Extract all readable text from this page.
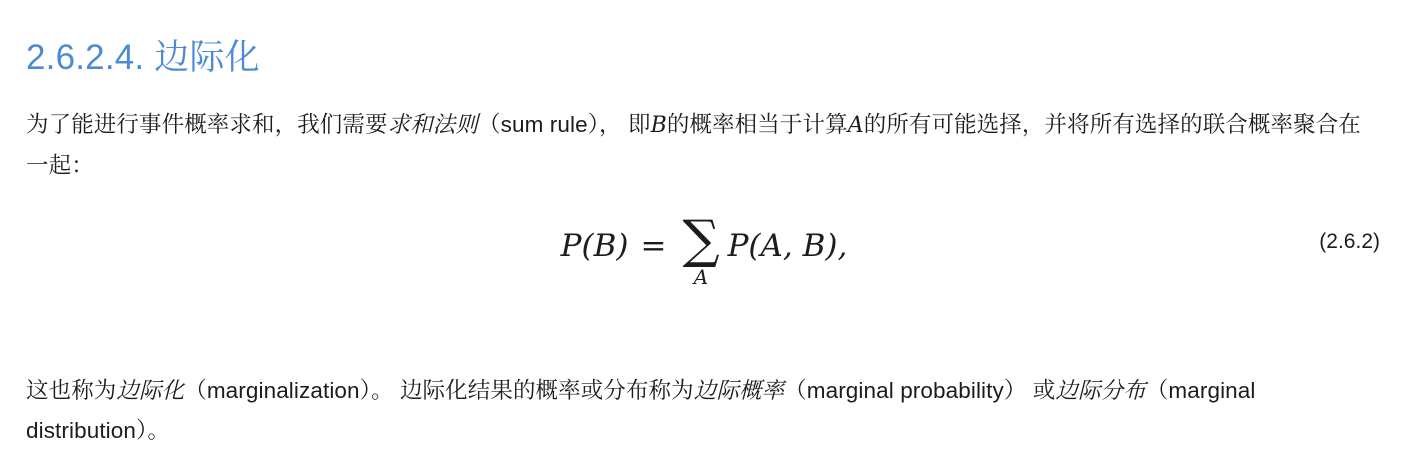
2.6.2.4. 边际化

为了能进行事件概率求和，我们需要求和法则（sum rule）， 即B的概率相当于计算A的所有可能选择，并将所有选择的联合概率聚合在一起：

P(B) = ∑
A
P(A, B),	(2.6.2)

这也称为边际化（marginalization）。 边际化结果的概率或分布称为边际概率（marginal probability） 或边际分布（marginal distribution）。
